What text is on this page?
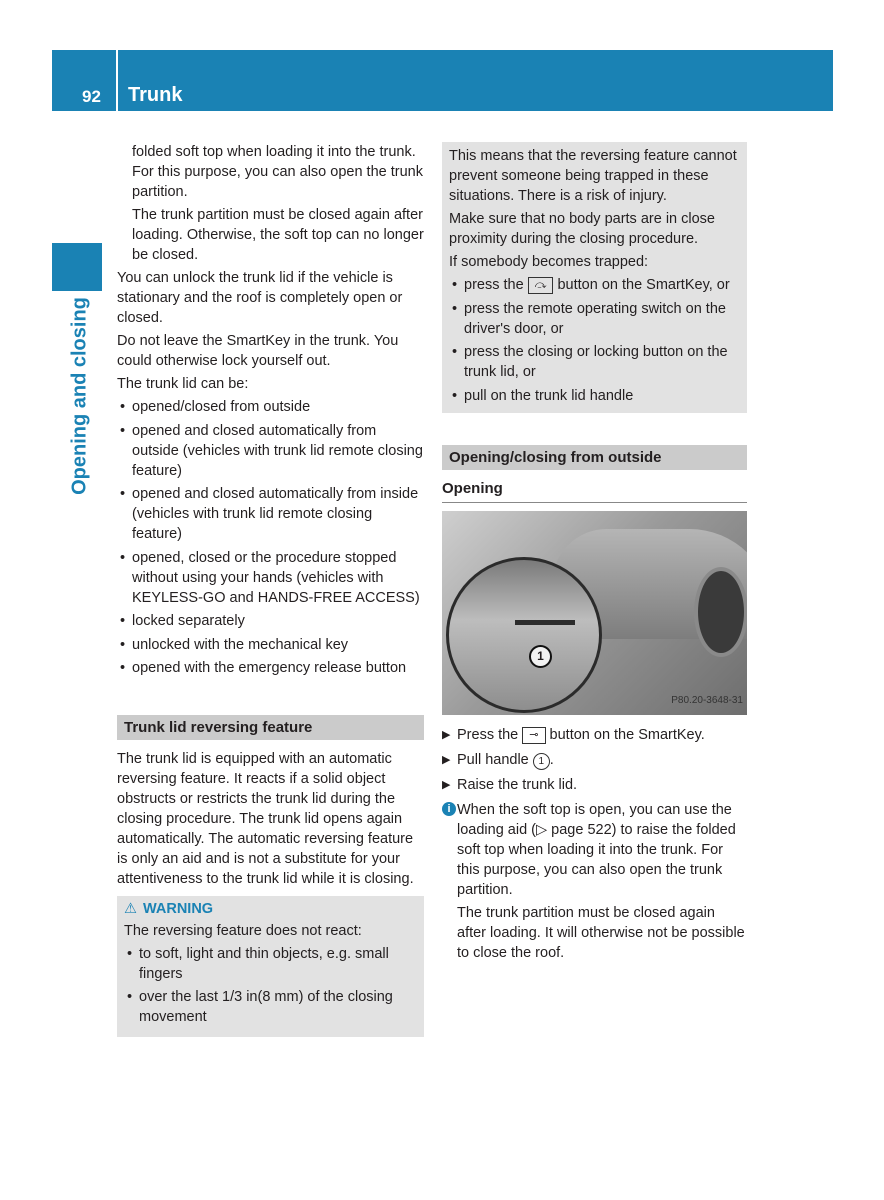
92 Trunk
Opening and closing

folded soft top when loading it into the trunk. For this purpose, you can also open the trunk partition.

The trunk partition must be closed again after loading. Otherwise, the soft top can no longer be closed.

You can unlock the trunk lid if the vehicle is stationary and the roof is completely open or closed.

Do not leave the SmartKey in the trunk. You could otherwise lock yourself out.

The trunk lid can be:

• opened/closed from outside
• opened and closed automatically from outside (vehicles with trunk lid remote closing feature)
• opened and closed automatically from inside (vehicles with trunk lid remote closing feature)
• opened, closed or the procedure stopped without using your hands (vehicles with KEYLESS-GO and HANDS-FREE ACCESS)
• locked separately
• unlocked with the mechanical key
• opened with the emergency release button
Trunk lid reversing feature

The trunk lid is equipped with an automatic reversing feature. It reacts if a solid object obstructs or restricts the trunk lid during the closing procedure. The trunk lid opens again automatically. The automatic reversing feature is only an aid and is not a substitute for your attentiveness to the trunk lid while it is closing.

⚠ WARNING

The reversing feature does not react:

• to soft, light and thin objects, e.g. small fingers
• over the last 1/3 in(8 mm) of the closing movement

This means that the reversing feature cannot prevent someone being trapped in these situations. There is a risk of injury.

Make sure that no body parts are in close proximity during the closing procedure.

If somebody becomes trapped:

• press the ⤼ button on the SmartKey, or
• press the remote operating switch on the driver's door, or
• press the closing or locking button on the trunk lid, or
• pull on the trunk lid handle
Opening/closing from outside
Opening
1
P80.20-3648-31
▶ Press the ⊸ button on the SmartKey.
▶ Pull handle 1 .
▶ Raise the trunk lid.
i When the soft top is open, you can use the loading aid (▷ page 522) to raise the folded soft top when loading it into the trunk. For this purpose, you can also open the trunk partition.

The trunk partition must be closed again after loading. It will otherwise not be possible to close the roof.
